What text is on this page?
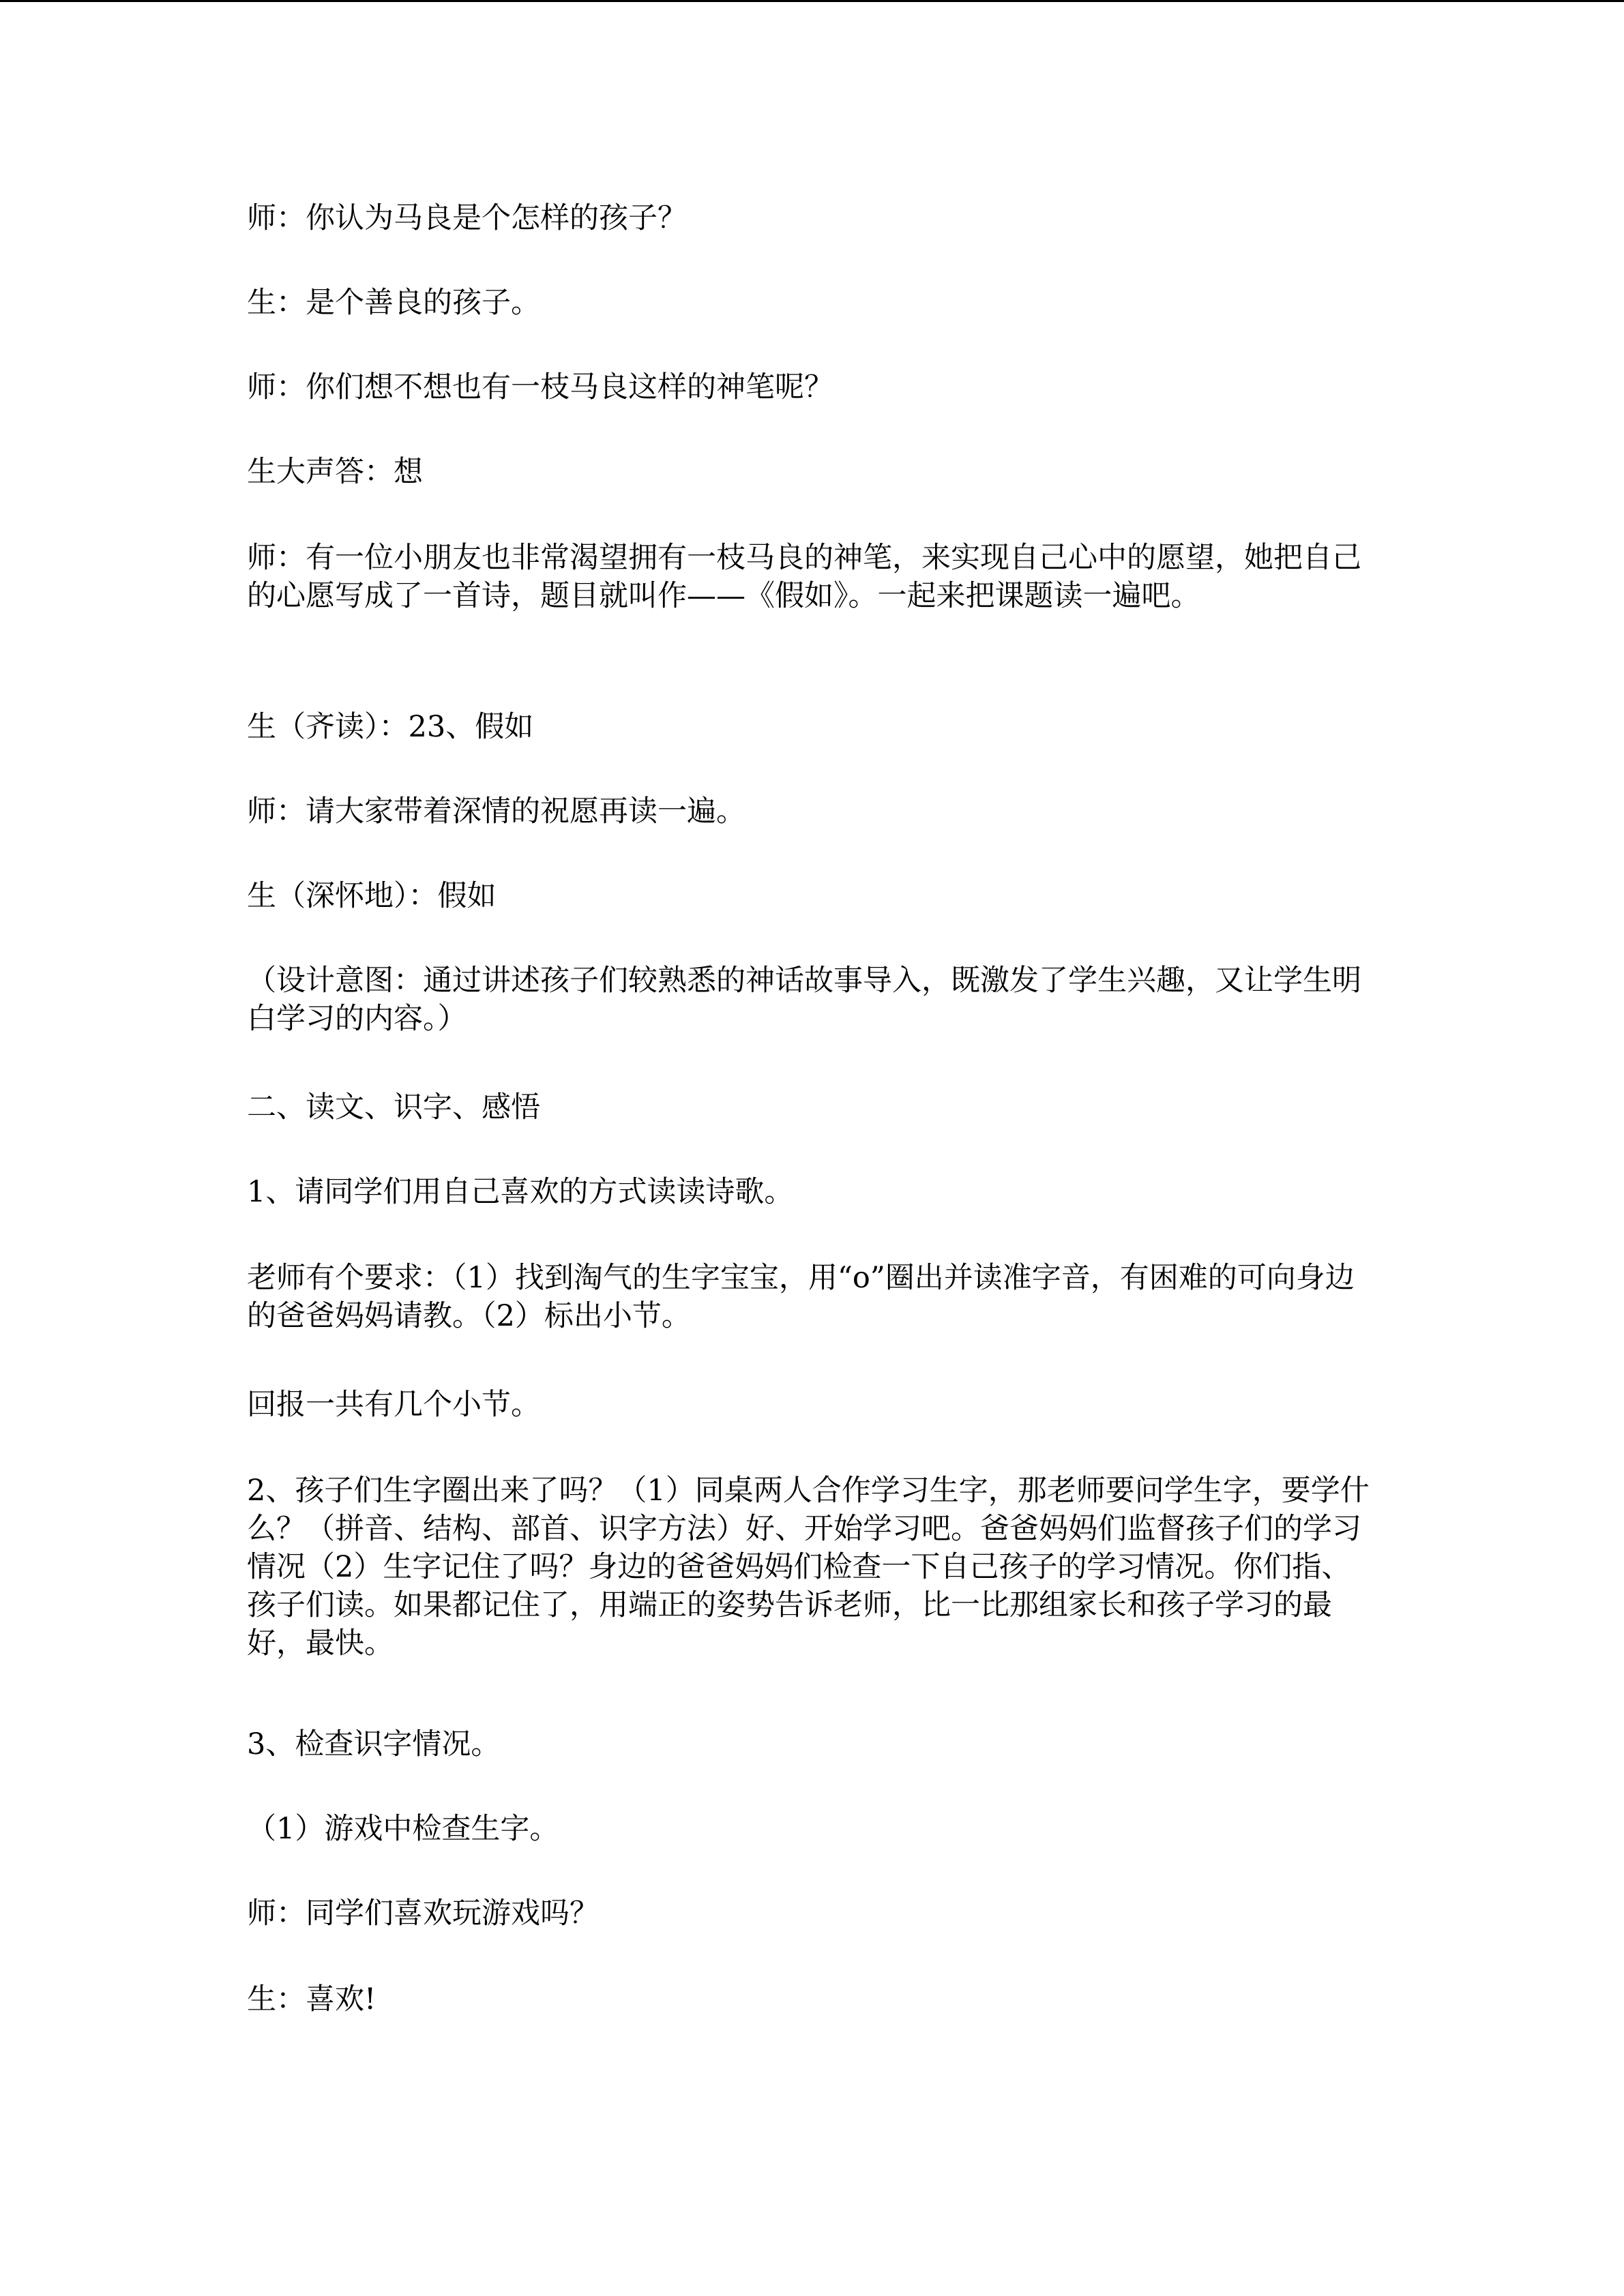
师：你认为马良是个怎样的孩子？

生：是个善良的孩子。

师：你们想不想也有一枝马良这样的神笔呢？

生大声答：想

师：有一位小朋友也非常渴望拥有一枝马良的神笔，来实现自己心中的愿望，她把自己的心愿写成了一首诗，题目就叫作——《假如》。一起来把课题读一遍吧。

生（齐读）：23、假如

师：请大家带着深情的祝愿再读一遍。

生（深怀地）：假如

（设计意图：通过讲述孩子们较熟悉的神话故事导入，既激发了学生兴趣，又让学生明白学习的内容。）

二、读文、识字、感悟

1、请同学们用自己喜欢的方式读读诗歌。

老师有个要求：（1）找到淘气的生字宝宝，用“o”圈出并读准字音，有困难的可向身边的爸爸妈妈请教。（2）标出小节。

回报一共有几个小节。

2、孩子们生字圈出来了吗？（1）同桌两人合作学习生字，那老师要问学生字，要学什么？（拼音、结构、部首、识字方法）好、开始学习吧。爸爸妈妈们监督孩子们的学习情况（2）生字记住了吗？身边的爸爸妈妈们检查一下自己孩子的学习情况。你们指、孩子们读。如果都记住了，用端正的姿势告诉老师，比一比那组家长和孩子学习的最好，最快。

3、检查识字情况。

（1）游戏中检查生字。

师：同学们喜欢玩游戏吗？

生：喜欢!
